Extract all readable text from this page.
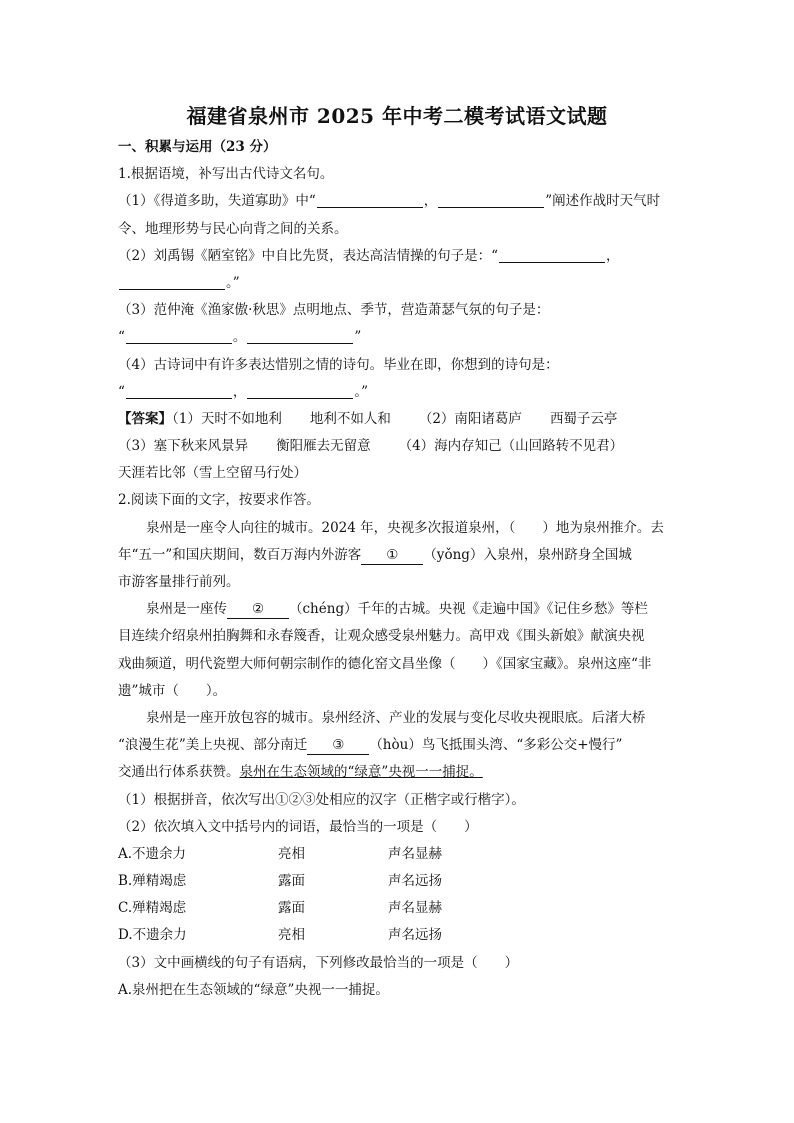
福建省泉州市 2025 年中考二模考试语文试题
一、积累与运用（23 分）
1.根据语境，补写出古代诗文名句。
（1）《得道多助，失道寡助》中“	，	”阐述作战时天气时
令、地理形势与民心向背之间的关系。
（2）刘禹锡《陋室铭》中自比先贤，表达高洁情操的句子是：“	，
。”
（3）范仲淹《渔家傲·秋思》点明地点、季节，营造萧瑟气氛的句子是：
“	。	”
（4）古诗词中有许多表达惜别之情的诗句。毕业在即，你想到的诗句是：
“	，	。”
【答案】（1）天时不如地利 地利不如人和 （2）南阳诸葛庐 西蜀子云亭
（3）塞下秋来风景异 衡阳雁去无留意 （4）海内存知己（山回路转不见君）
天涯若比邻（雪上空留马行处）
2.阅读下面的文字，按要求作答。
泉州是一座令人向往的城市。2024 年，央视多次报道泉州，（　　）地为泉州推介。去
年“五一”和国庆期间，数百万海内外游客 ① （yǒng）入泉州，泉州跻身全国城
市游客量排行前列。
泉州是一座传 ② （chéng）千年的古城。央视《走遍中国》《记住乡愁》等栏
目连续介绍泉州拍胸舞和永春篾香，让观众感受泉州魅力。高甲戏《围头新娘》献演央视
戏曲频道，明代瓷塑大师何朝宗制作的德化窑文昌坐像（　　）《国家宝藏》。泉州这座“非
遗”城市（　　）。
泉州是一座开放包容的城市。泉州经济、产业的发展与变化尽收央视眼底。后渚大桥
“浪漫生花”美上央视、部分南迁 ③ （hòu）鸟飞抵围头湾、“多彩公交+慢行”
交通出行体系获赞。泉州在生态领域的“绿意”央视一一捕捉。
（1）根据拼音，依次写出①②③处相应的汉字（正楷字或行楷字）。
（2）依次填入文中括号内的词语，最恰当的一项是（　　）
A.不遗余力	亮相	声名显赫
B.殚精竭虑	露面	声名远扬
C.殚精竭虑	露面	声名显赫
D.不遗余力	亮相	声名远扬
（3）文中画横线的句子有语病，下列修改最恰当的一项是（　　）
A.泉州把在生态领域的“绿意”央视一一捕捉。
